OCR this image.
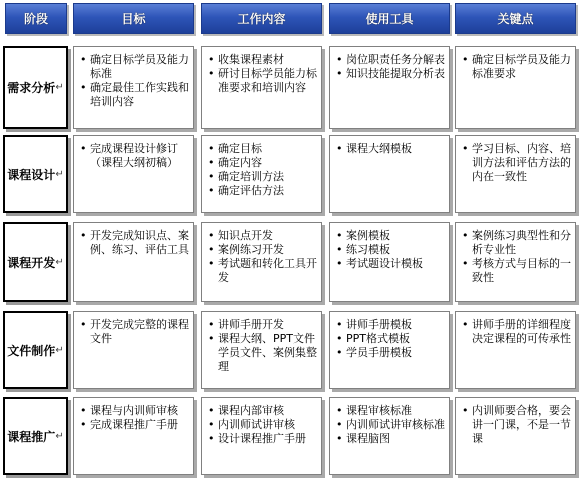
阶段	目标	工作内容	使用工具	关键点
需求分析 ↵
• 确定目标学员及能力标准
• 确定最佳工作实践和培训内容
• 收集课程素材
• 研讨目标学员能力标准要求和培训内容
• 岗位职责任务分解表
• 知识技能提取分析表
• 确定目标学员及能力标准要求
课程设计 ↵
• 完成课程设计修订（课程大纲初稿）
• 确定目标
• 确定内容
• 确定培训方法
• 确定评估方法
• 课程大纲模板
•	学习目标、内容、培训方法和评估方法的内在一致性
课程开发 ↵
• 开发完成知识点、案例、练习、评估工具
• 知识点开发
• 案例练习开发
• 考试题和转化工具开发
• 案例模板
• 练习模板
• 考试题设计模板
• 案例练习典型性和分析专业性
• 考核方式与目标的一致性
文件制作 ↵
• 开发完成完整的课程文件
• 讲师手册开发
• 课程大纲、PPT文件学员文件、案例集整理
• 讲师手册模板
• PPT格式模板
• 学员手册模板
• 讲师手册的详细程度决定课程的可传承性
课程推广 ↵
• 课程与内训师审核
• 完成课程推广手册
• 课程内部审核
• 内训师试讲审核
• 设计课程推广手册
• 课程审核标准
• 内训师试讲审核标准
• 课程脑图
• 内训师要合格，要会讲一门课，不是一节课
